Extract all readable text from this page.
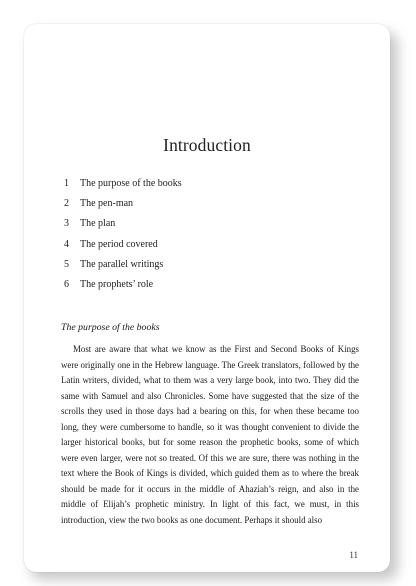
Introduction
1 The purpose of the books
2 The pen-man
3 The plan
4 The period covered
5 The parallel writings
6 The prophets’ role
The purpose of the books

Most are aware that what we know as the First and Second Books of Kings were originally one in the Hebrew language. The Greek translators, followed by the Latin writers, divided, what to them was a very large book, into two. They did the same with Samuel and also Chronicles. Some have suggested that the size of the scrolls they used in those days had a bearing on this, for when these became too long, they were cumbersome to handle, so it was thought convenient to divide the larger historical books, but for some reason the prophetic books, some of which were even larger, were not so treated. Of this we are sure, there was nothing in the text where the Book of Kings is divided, which guided them as to where the break should be made for it occurs in the middle of Ahaziah’s reign, and also in the middle of Elijah’s prophetic ministry. In light of this fact, we must, in this introduction, view the two books as one document. Perhaps it should also

11
